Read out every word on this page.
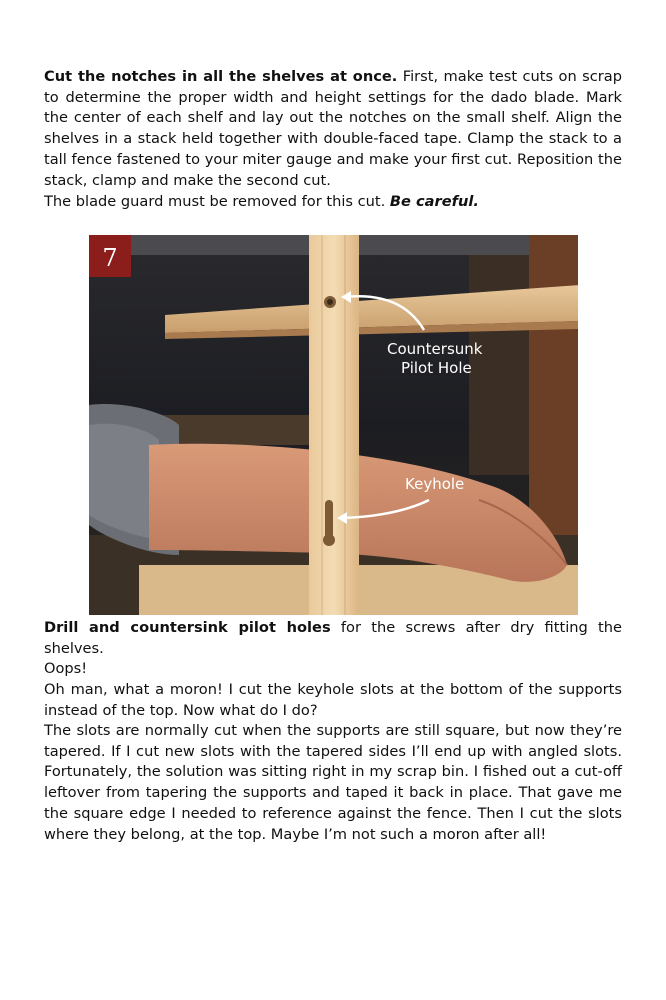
Cut the notches in all the shelves at once. First, make test cuts on scrap to determine the proper width and height settings for the dado blade. Mark the center of each shelf and lay out the notches on the small shelf. Align the shelves in a stack held together with double-faced tape. Clamp the stack to a tall fence fastened to your miter gauge and make your first cut. Reposition the stack, clamp and make the second cut.

The blade guard must be removed for this cut. Be careful.

7
Countersunk
Pilot Hole
Keyhole

Drill and countersink pilot holes for the screws after dry fitting the shelves.

Oops!

Oh man, what a moron! I cut the keyhole slots at the bottom of the supports instead of the top. Now what do I do?

The slots are normally cut when the supports are still square, but now they’re tapered. If I cut new slots with the tapered sides I’ll end up with angled slots. Fortunately, the solution was sitting right in my scrap bin. I fished out a cut-off leftover from tapering the supports and taped it back in place. That gave me the square edge I needed to reference against the fence. Then I cut the slots where they belong, at the top. Maybe I’m not such a moron after all!
